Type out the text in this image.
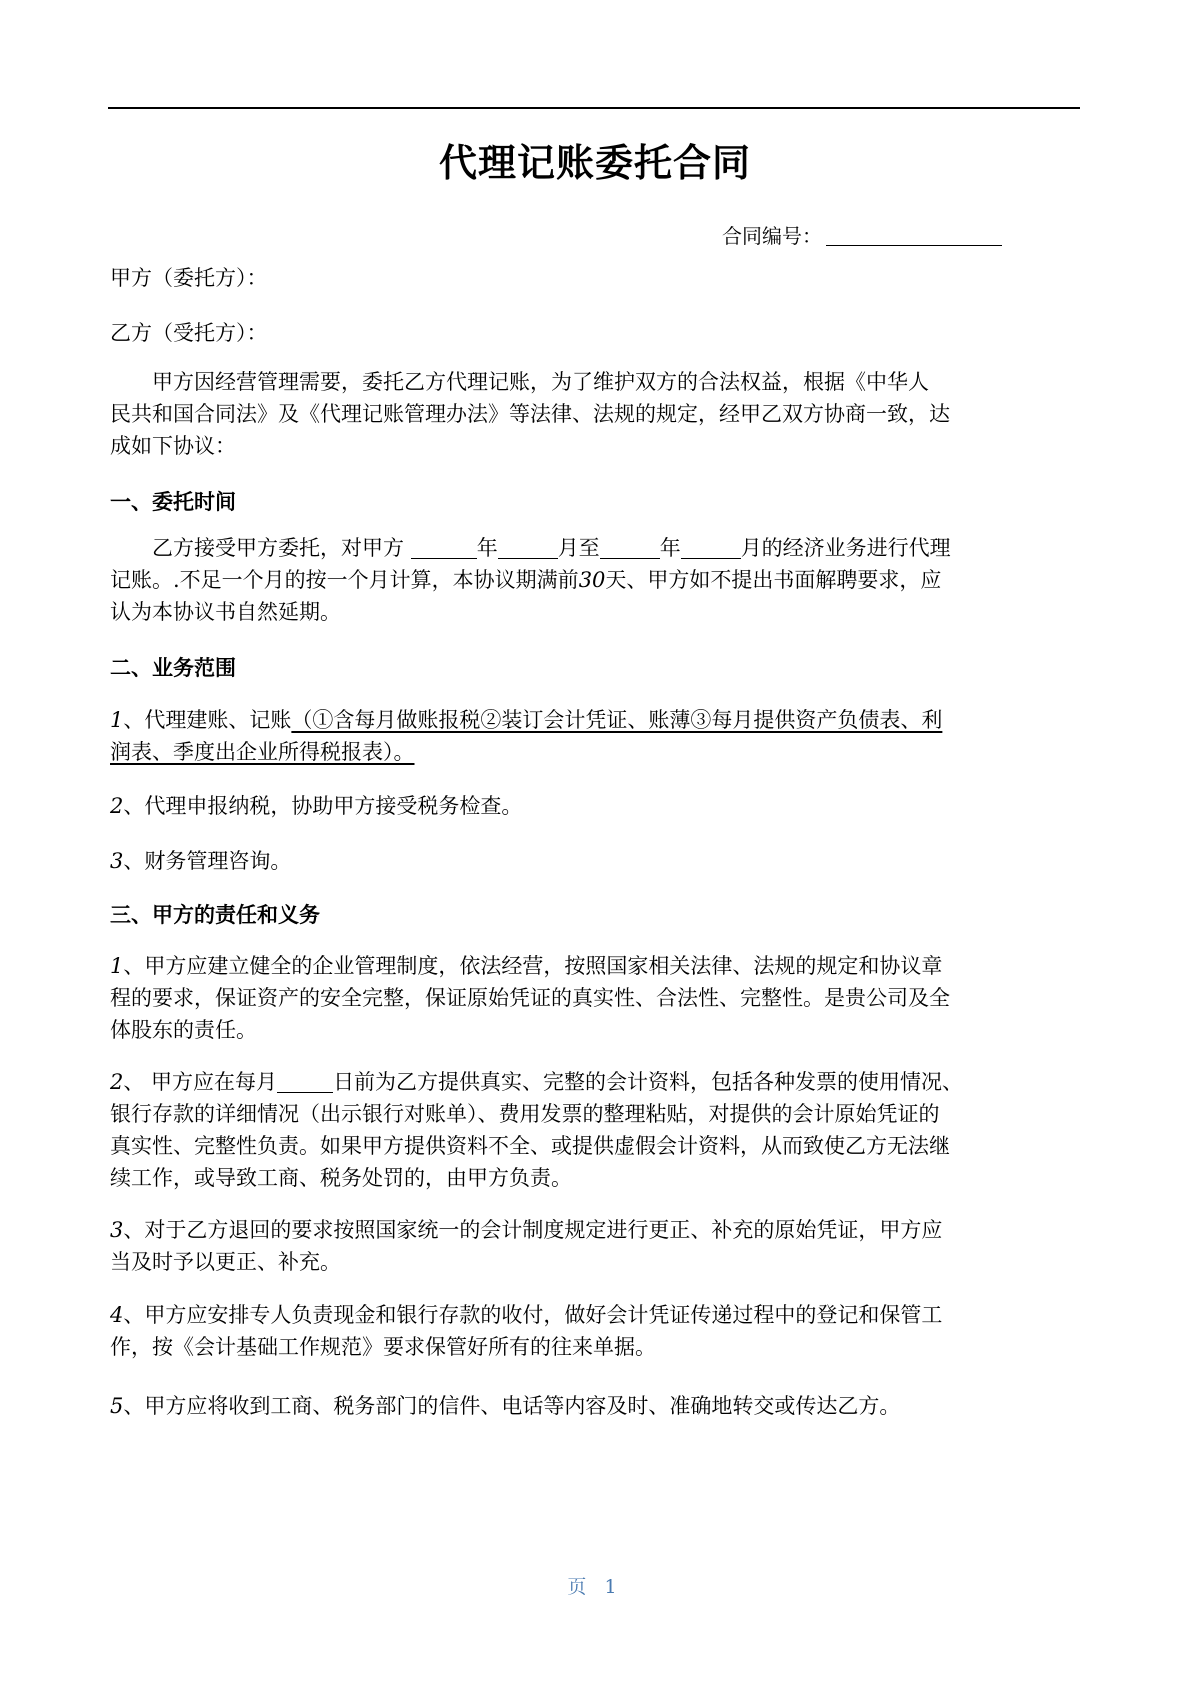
代理记账委托合同
合同编号：
甲方（委托方）：
乙方（受托方）：
甲方因经营管理需要，委托乙方代理记账，为了维护双方的合法权益，根据《中华人
民共和国合同法》及《代理记账管理办法》等法律、法规的规定，经甲乙双方协商一致，达
成如下协议：
一、委托时间
乙方接受甲方委托，对甲方	年	月至	年	月的经济业务进行代理
记账。.不足一个月的按一个月计算，本协议期满前30天、甲方如不提出书面解聘要求，应
认为本协议书自然延期。
二、业务范围
1、代理建账、记账（①含每月做账报税②装订会计凭证、账薄③每月提供资产负债表、利
润表、季度出企业所得税报表）。
2、代理申报纳税，协助甲方接受税务检查。
3、财务管理咨询。
三、甲方的责任和义务
1、甲方应建立健全的企业管理制度，依法经营，按照国家相关法律、法规的规定和协议章
程的要求，保证资产的安全完整，保证原始凭证的真实性、合法性、完整性。是贵公司及全
体股东的责任。
2、 甲方应在每月	日前为乙方提供真实、完整的会计资料，包括各种发票的使用情况、
银行存款的详细情况（出示银行对账单）、费用发票的整理粘贴，对提供的会计原始凭证的
真实性、完整性负责。如果甲方提供资料不全、或提供虚假会计资料，从而致使乙方无法继
续工作，或导致工商、税务处罚的，由甲方负责。
3、对于乙方退回的要求按照国家统一的会计制度规定进行更正、补充的原始凭证，甲方应
当及时予以更正、补充。
4、甲方应安排专人负责现金和银行存款的收付，做好会计凭证传递过程中的登记和保管工
作，按《会计基础工作规范》要求保管好所有的往来单据。
5、甲方应将收到工商、税务部门的信件、电话等内容及时、准确地转交或传达乙方。
页 1
